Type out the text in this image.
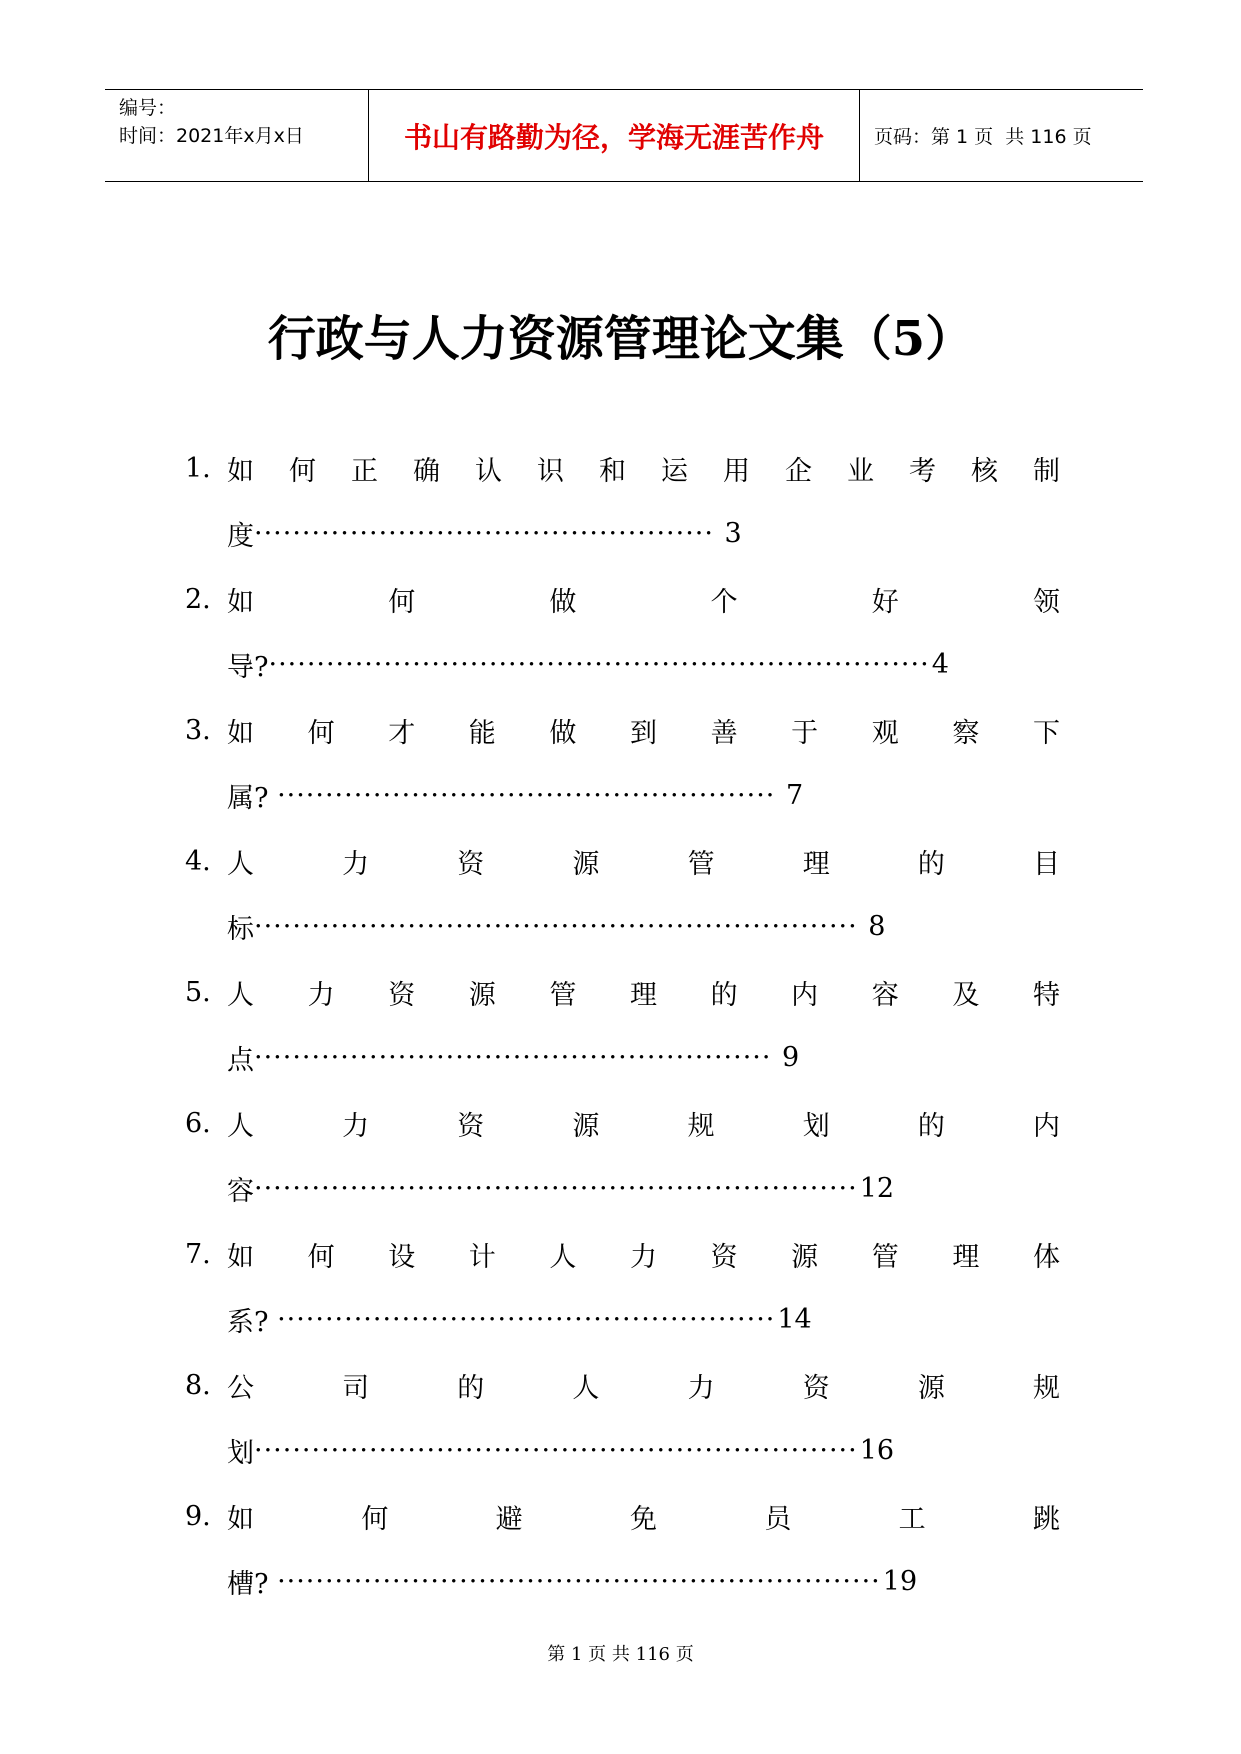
编号：
时间：2021年x月x日	书山有路勤为径，学海无涯苦作舟	页码：第 1 页  共 116 页
行政与人力资源管理论文集（5）
1. 如 何 正 确 认 识 和 运 用 企 业 考 核 制
度 ················································ 3
2. 如	何	做	个	好	领
导? ····································································· 4
3. 如 何 才 能 做 到 善 于 观 察 下
属? ···················································· 7
4. 人	力	资	源	管	理	的	目
标 ······························································· 8
5. 人 力 资 源 管 理 的 内 容 及 特
点 ······················································ 9
6. 人	力	资	源	规	划	的	内
容 ······························································· 12
7. 如 何 设 计 人 力 资 源 管 理 体
系? ···················································· 14
8. 公	司	的	人	力	资	源	规
划 ······························································· 16
9. 如	何	避	免	员	工	跳
槽? ······························································· 19
第 1 页 共 116 页
